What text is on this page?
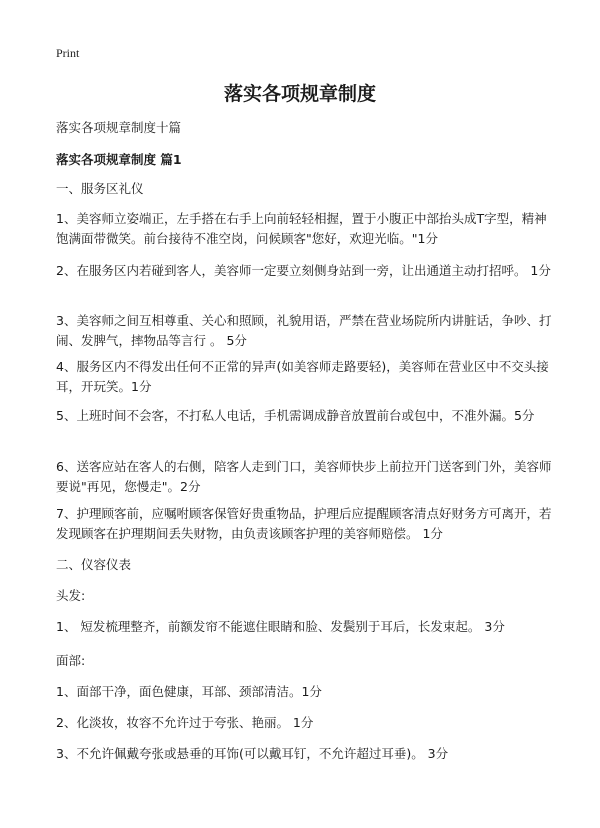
Print
落实各项规章制度

落实各项规章制度十篇

落实各项规章制度 篇1

一、服务区礼仪

1、美容师立姿端正，左手搭在右手上向前轻轻相握，置于小腹正中部抬头成T字型，精神饱满面带微笑。前台接待不准空岗，问候顾客"您好，欢迎光临。"1分

2、在服务区内若碰到客人，美容师一定要立刻侧身站到一旁，让出通道主动打招呼。 1分

3、美容师之间互相尊重、关心和照顾，礼貌用语，严禁在营业场院所内讲脏话，争吵、打闹、发脾气，摔物品等言行 。 5分

4、服务区内不得发出任何不正常的异声(如美容师走路要轻)，美容师在营业区中不交头接耳，开玩笑。1分

5、上班时间不会客，不打私人电话，手机需调成静音放置前台或包中，不准外漏。5分

6、送客应站在客人的右侧，陪客人走到门口，美容师快步上前拉开门送客到门外，美容师要说"再见，您慢走"。2分

7、护理顾客前，应嘱咐顾客保管好贵重物品，护理后应提醒顾客清点好财务方可离开，若发现顾客在护理期间丢失财物，由负责该顾客护理的美容师赔偿。 1分

二、仪容仪表

头发:

1、 短发梳理整齐，前额发帘不能遮住眼睛和脸、发鬓别于耳后，长发束起。 3分

面部:

1、面部干净，面色健康，耳部、颈部清洁。1分

2、化淡妆，妆容不允许过于夸张、艳丽。 1分

3、不允许佩戴夸张或悬垂的耳饰(可以戴耳钉，不允许超过耳垂)。 3分
